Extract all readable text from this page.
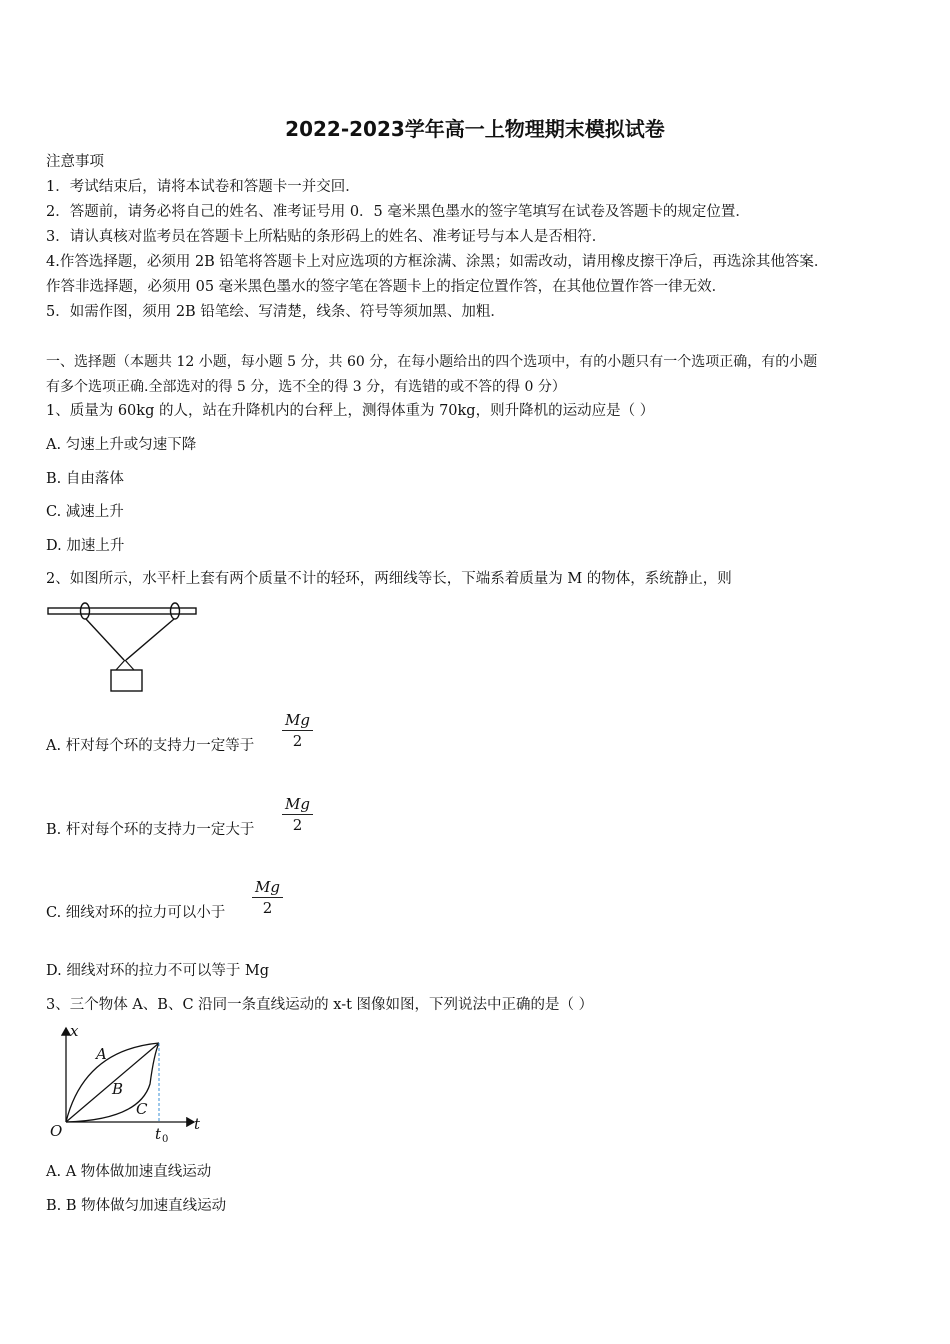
2022-2023学年高一上物理期末模拟试卷
注意事项
1．考试结束后，请将本试卷和答题卡一并交回．
2．答题前，请务必将自己的姓名、准考证号用 0．5 毫米黑色墨水的签字笔填写在试卷及答题卡的规定位置．
3．请认真核对监考员在答题卡上所粘贴的条形码上的姓名、准考证号与本人是否相符．
4.作答选择题，必须用 2B 铅笔将答题卡上对应选项的方框涂满、涂黑；如需改动，请用橡皮擦干净后，再选涂其他答案．
作答非选择题，必须用 05 毫米黑色墨水的签字笔在答题卡上的指定位置作答，在其他位置作答一律无效．
5．如需作图，须用 2B 铅笔绘、写清楚，线条、符号等须加黑、加粗．
一、选择题（本题共 12 小题，每小题 5 分，共 60 分，在每小题给出的四个选项中，有的小题只有一个选项正确，有的小题
有多个选项正确.全部选对的得 5 分，选不全的得 3 分，有选错的或不答的得 0 分）
1、质量为 60kg 的人，站在升降机内的台秤上，测得体重为 70kg，则升降机的运动应是（ ）
A. 匀速上升或匀速下降
B. 自由落体
C. 减速上升
D. 加速上升
2、如图所示，水平杆上套有两个质量不计的轻环，两细线等长，下端系着质量为 M 的物体，系统静止，则
A. 杆对每个环的支持力一定等于 $\frac{Mg}{2}$
B. 杆对每个环的支持力一定大于 $\frac{Mg}{2}$
C. 细线对环的拉力可以小于 $\frac{Mg}{2}$
D. 细线对环的拉力不可以等于 Mg
3、三个物体 A、B、C 沿同一条直线运动的 x-t 图像如图，下列说法中正确的是（ ）
x
t
O
A
B
C
t 0
A. A 物体做加速直线运动
B. B 物体做匀加速直线运动
